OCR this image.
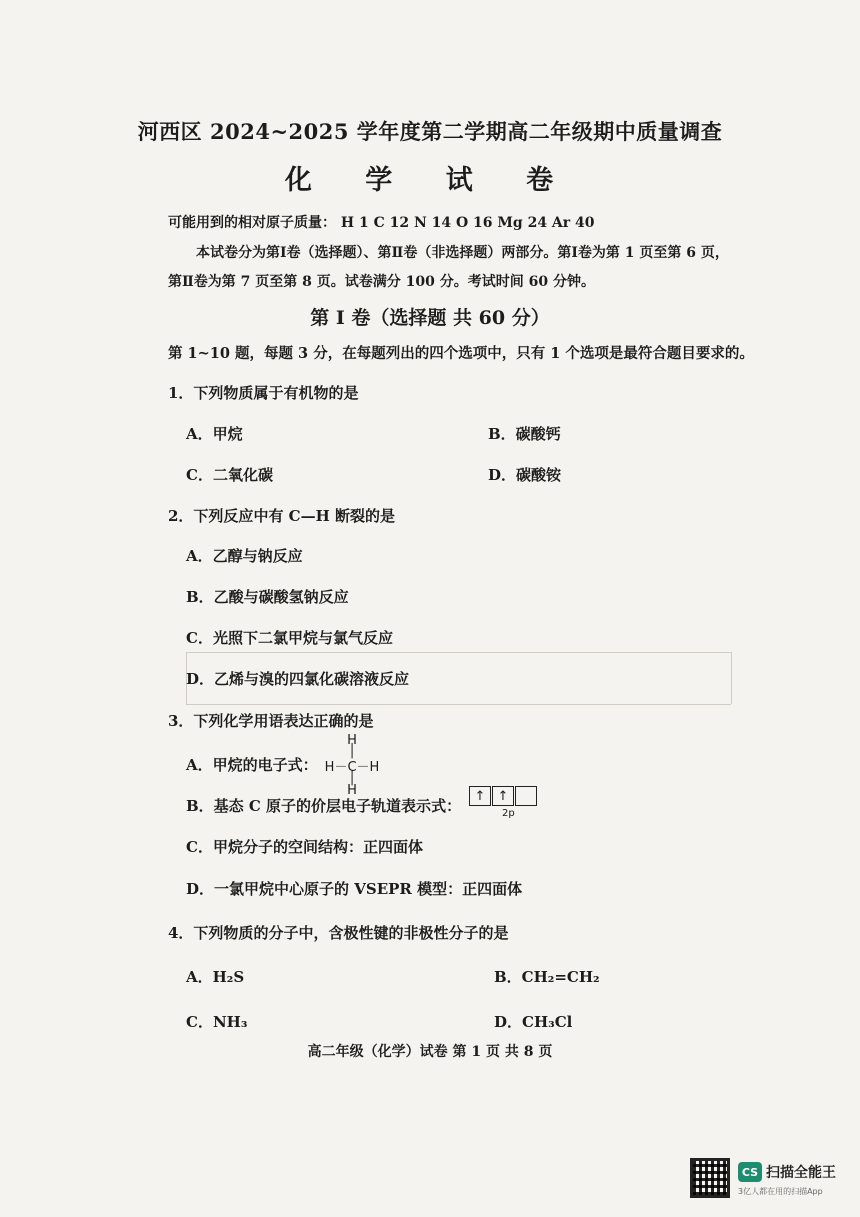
河西区 2024~2025 学年度第二学期高二年级期中质量调查
化 学 试 卷
可能用到的相对原子质量： H 1 C 12 N 14 O 16 Mg 24 Ar 40
本试卷分为第Ⅰ卷（选择题）、第Ⅱ卷（非选择题）两部分。第Ⅰ卷为第 1 页至第 6 页，
第Ⅱ卷为第 7 页至第 8 页。试卷满分 100 分。考试时间 60 分钟。
第 I 卷（选择题 共 60 分）
第 1~10 题，每题 3 分，在每题列出的四个选项中，只有 1 个选项是最符合题目要求的。
1．下列物质属于有机物的是
A．甲烷	B．碳酸钙
C．二氧化碳	D．碳酸铵
2．下列反应中有 C—H 断裂的是
A．乙醇与钠反应
B．乙酸与碳酸氢钠反应
C．光照下二氯甲烷与氯气反应
D．乙烯与溴的四氯化碳溶液反应
3．下列化学用语表达正确的是
A．甲烷的电子式：
H
│
H－C－H
│
H
B．基态 C 原子的价层电子轨道表示式：
↑ ↑
2p
C．甲烷分子的空间结构：正四面体
D．一氯甲烷中心原子的 VSEPR 模型：正四面体
4．下列物质的分子中，含极性键的非极性分子的是
A．H₂S	B．CH₂=CH₂
C．NH₃	D．CH₃Cl
高二年级（化学）试卷 第 1 页 共 8 页
CS 扫描全能王
3亿人都在用的扫描App
